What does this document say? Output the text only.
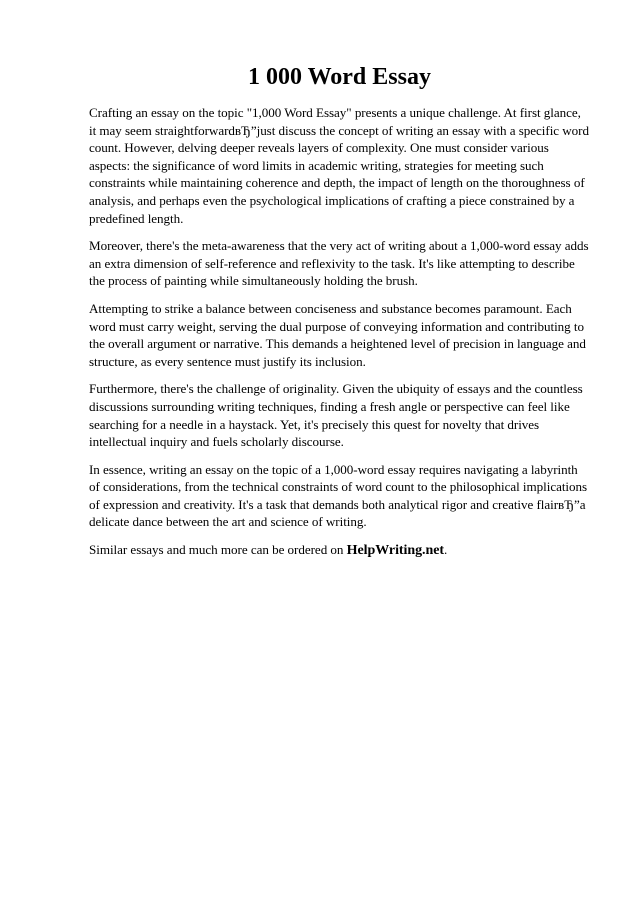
1 000 Word Essay

Crafting an essay on the topic "1,000 Word Essay" presents a unique challenge. At first glance, it may seem straightforwardвЂ”just discuss the concept of writing an essay with a specific word count. However, delving deeper reveals layers of complexity. One must consider various aspects: the significance of word limits in academic writing, strategies for meeting such constraints while maintaining coherence and depth, the impact of length on the thoroughness of analysis, and perhaps even the psychological implications of crafting a piece constrained by a predefined length.

Moreover, there's the meta-awareness that the very act of writing about a 1,000-word essay adds an extra dimension of self-reference and reflexivity to the task. It's like attempting to describe the process of painting while simultaneously holding the brush.

Attempting to strike a balance between conciseness and substance becomes paramount. Each word must carry weight, serving the dual purpose of conveying information and contributing to the overall argument or narrative. This demands a heightened level of precision in language and structure, as every sentence must justify its inclusion.

Furthermore, there's the challenge of originality. Given the ubiquity of essays and the countless discussions surrounding writing techniques, finding a fresh angle or perspective can feel like searching for a needle in a haystack. Yet, it's precisely this quest for novelty that drives intellectual inquiry and fuels scholarly discourse.

In essence, writing an essay on the topic of a 1,000-word essay requires navigating a labyrinth of considerations, from the technical constraints of word count to the philosophical implications of expression and creativity. It's a task that demands both analytical rigor and creative flairвЂ”a delicate dance between the art and science of writing.

Similar essays and much more can be ordered on HelpWriting.net.
